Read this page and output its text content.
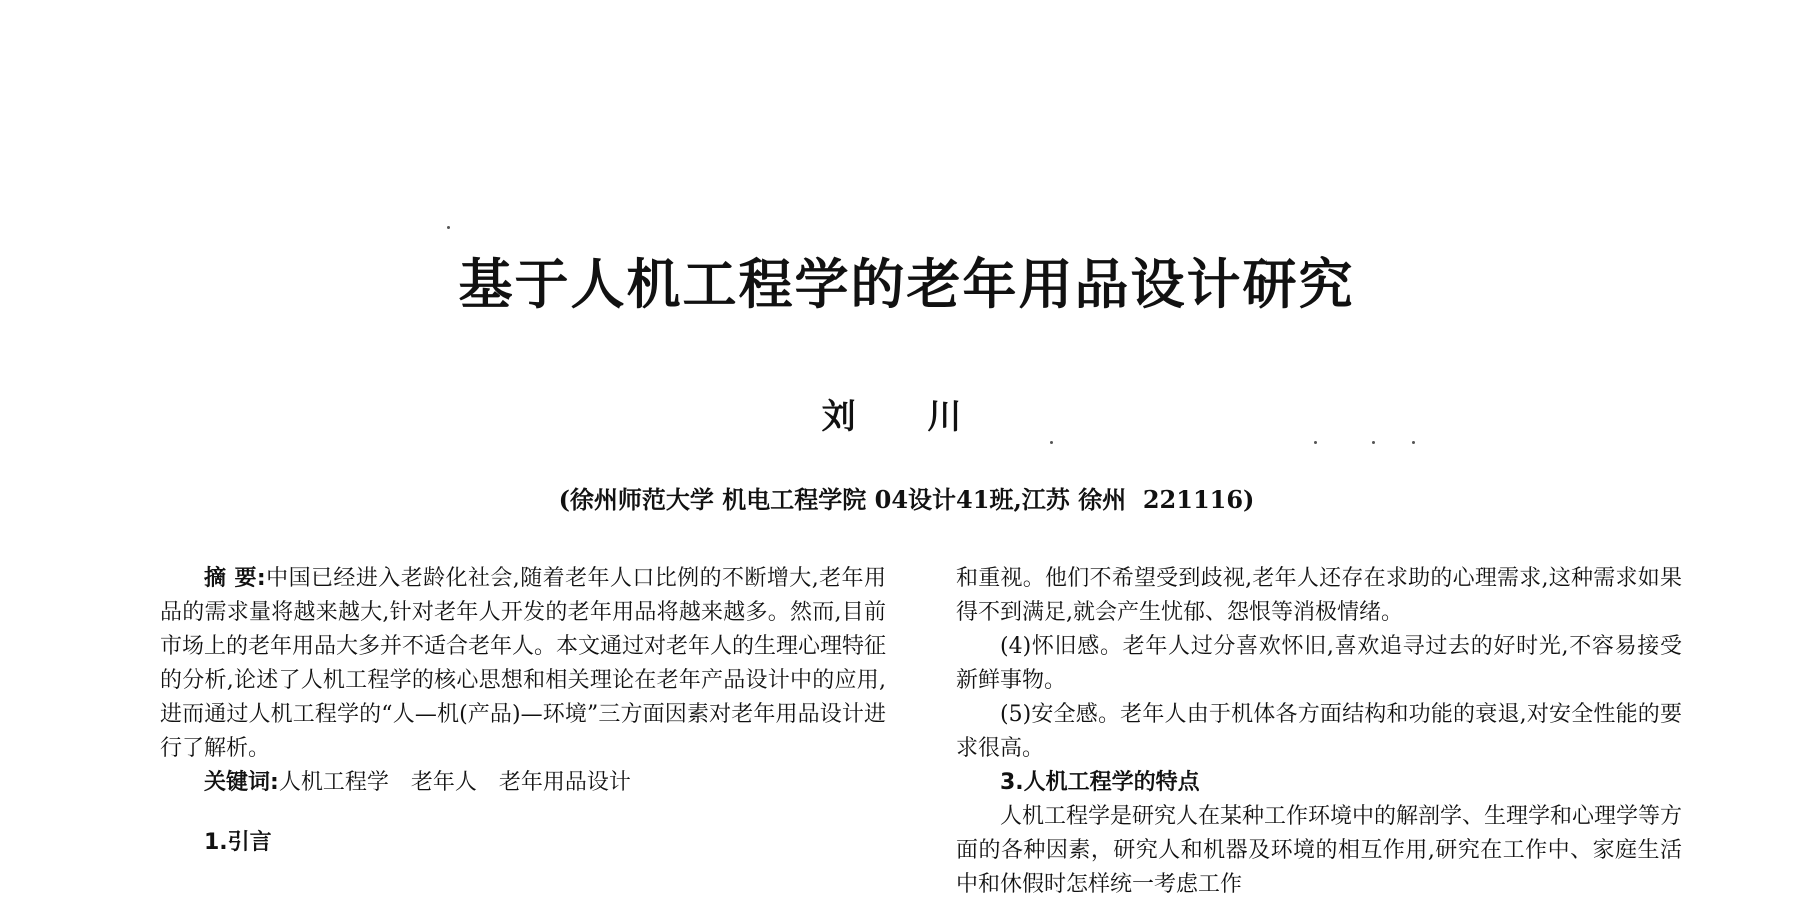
基于人机工程学的老年用品设计研究
刘 川
(徐州师范大学 机电工程学院 04设计41班,江苏 徐州  221116)

摘 要:中国已经进入老龄化社会,随着老年人口比例的不断增大,老年用品的需求量将越来越大,针对老年人开发的老年用品将越来越多。然而,目前市场上的老年用品大多并不适合老年人。本文通过对老年人的生理心理特征的分析,论述了人机工程学的核心思想和相关理论在老年产品设计中的应用,进而通过人机工程学的“人—机(产品)—环境”三方面因素对老年用品设计进行了解析。

关键词:人机工程学　老年人　老年用品设计

1.引言

和重视。他们不希望受到歧视,老年人还存在求助的心理需求,这种需求如果得不到满足,就会产生忧郁、怨恨等消极情绪。

(4)怀旧感。老年人过分喜欢怀旧,喜欢追寻过去的好时光,不容易接受新鲜事物。

(5)安全感。老年人由于机体各方面结构和功能的衰退,对安全性能的要求很高。

3.人机工程学的特点

人机工程学是研究人在某种工作环境中的解剖学、生理学和心理学等方面的各种因素，研究人和机器及环境的相互作用,研究在工作中、家庭生活中和休假时怎样统一考虑工作
